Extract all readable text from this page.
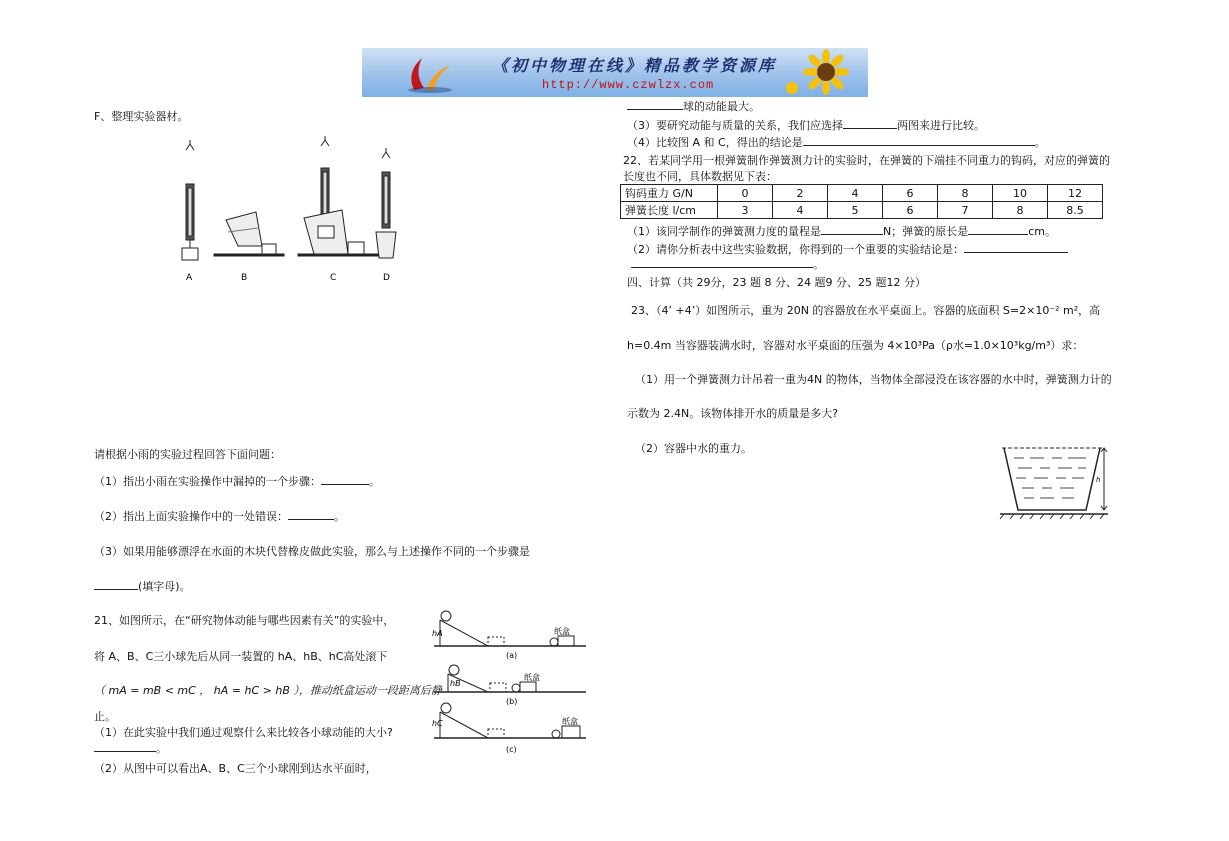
《初中物理在线》精品教学资源库
http://www.czwlzx.com
F、整理实验器材。
A	B	C	D
请根据小雨的实验过程回答下面问题：
（1）指出小雨在实验操作中漏掉的一个步骤：	。
（2）指出上面实验操作中的一处错误：	。
（3）如果用能够漂浮在水面的木块代替橡皮做此实验，那么与上述操作不同的一个步骤是
(填字母)。
21、如图所示，在“研究物体动能与哪些因素有关”的实验中，
将 A、B、C三小球先后从同一装置的 hA、hB、hC高处滚下
（ mA = mB < mC ， hA = hC > hB ），推动纸盒运动一段距离后静
止。
（1）在此实验中我们通过观察什么来比较各小球动能的大小?
。
（2）从图中可以看出A、B、C三个小球刚到达水平面时，
hA
hB
hC
纸盒
纸盒
纸盒
(a)
(b)
(c)
球的动能最大。
（3）要研究动能与质量的关系，我们应选择	两图来进行比较。
（4）比较图 A 和 C，得出的结论是	。
22、若某同学用一根弹簧制作弹簧测力计的实验时，在弹簧的下端挂不同重力的钩码，对应的弹簧的
长度也不同，具体数据见下表：
钩码重力 G/N	0	2	4	6	8	10	12
弹簧长度 l/cm	3	4	5	6	7	8	8.5
（1）该同学制作的弹簧测力度的量程是	N；弹簧的原长是	cm。
（2）请你分析表中这些实验数据，你得到的一个重要的实验结论是：
。
四、计算（共 29分，23 题 8 分、24 题9 分、25 题12 分）
23、（4’ +4’）如图所示，重为 20N 的容器放在水平桌面上。容器的底面积 S=2×10⁻² m²，高
h=0.4m 当容器装满水时，容器对水平桌面的压强为 4×10³Pa（ρ水=1.0×10³kg/m³）求：
（1）用一个弹簧测力计吊着一重为4N 的物体，当物体全部浸没在该容器的水中时，弹簧测力计的
示数为 2.4N。该物体排开水的质量是多大?
（2）容器中水的重力。
h
